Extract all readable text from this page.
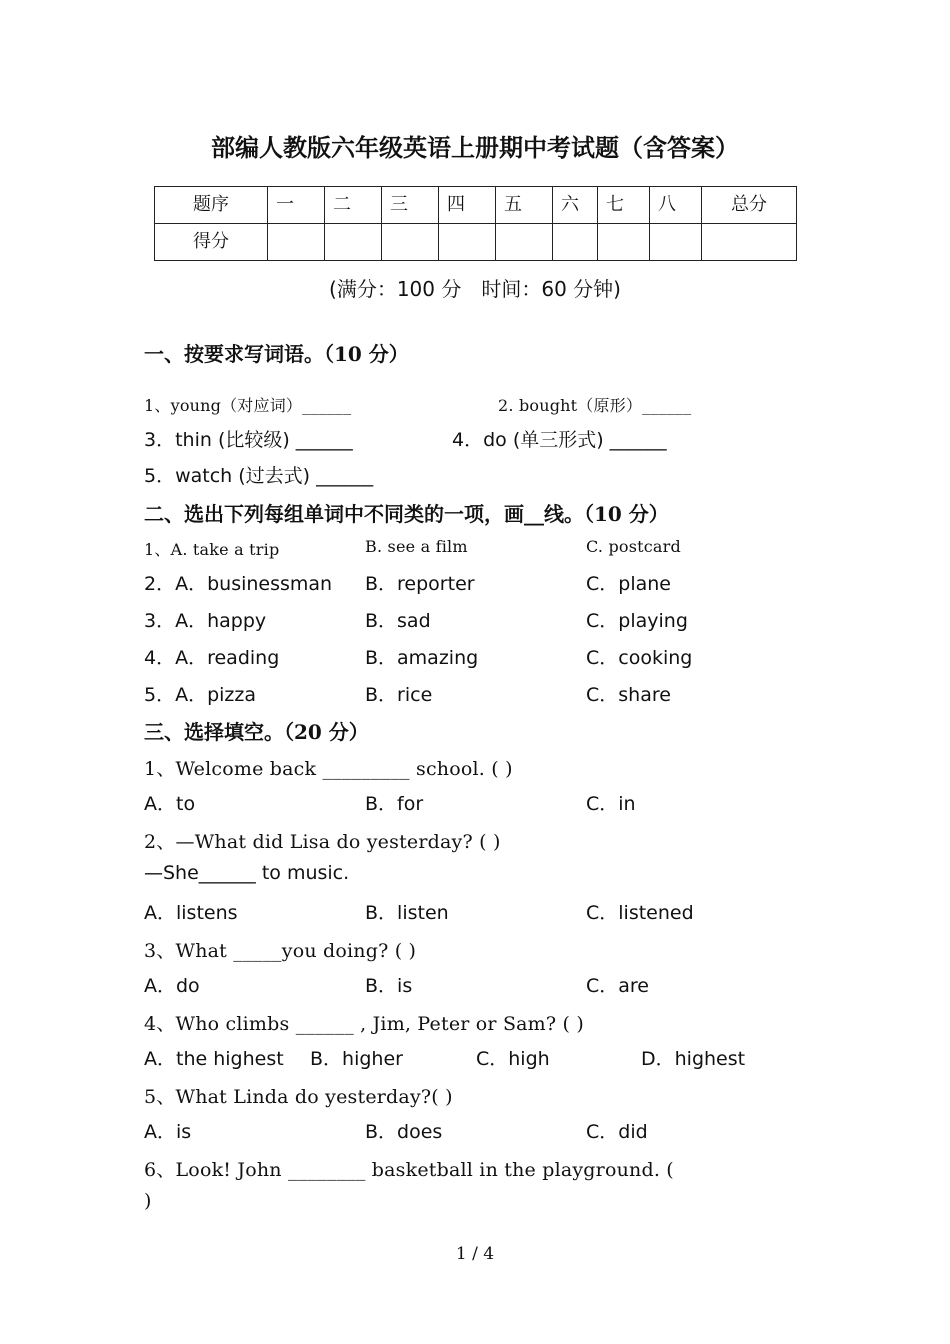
部编人教版六年级英语上册期中考试题（含答案）
题序	一	二	三	四	五	六	七	八	总分

得分									

(满分：100 分　时间：60 分钟)
一、按要求写词语。（10 分）
1、young（对应词）______	2. bought（原形）______
3．thin (比较级) ______	4．do (单三形式) ______
5．watch (过去式) ______
二、选出下列每组单词中不同类的一项，画__线。（10 分）
1、A. take a trip	B. see a film	C. postcard
2．A．businessman B．reporter	C．plane
3．A．happy	B．sad	C．playing
4．A．reading	B．amazing	C．cooking
5．A．pizza	B．rice	C．share
三、选择填空。（20 分）
1、Welcome back _________ school. ( )
A．to	B．for	C．in
2、—What did Lisa do yesterday? ( )
—She______ to music.
A．listens	B．listen	C．listened
3、What _____you doing? ( )
A．do	B．is	C．are
4、Who climbs ______ , Jim, Peter or Sam? ( )
A．the highest B．higher	C．high	D．highest
5、What Linda do yesterday?( )
A．is	B．does	C．did
6、Look! John ________ basketball in the playground. (
)
1 / 4
